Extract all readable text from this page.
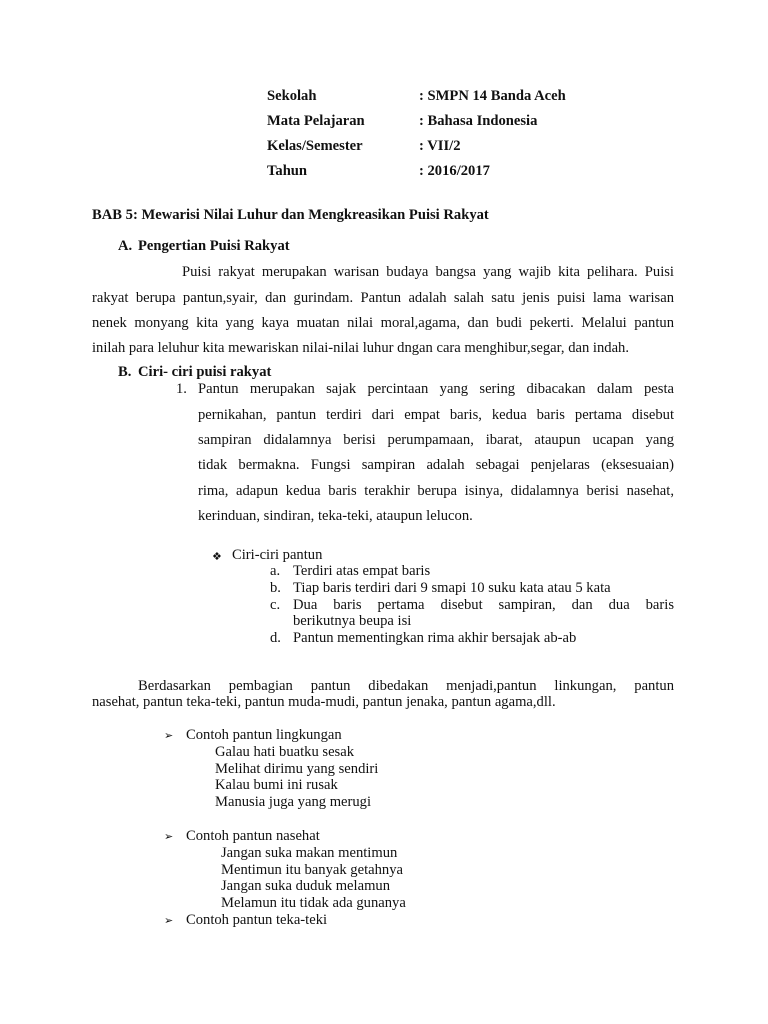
Sekolah	: SMPN 14 Banda Aceh
Mata Pelajaran	: Bahasa Indonesia
Kelas/Semester	: VII/2
Tahun	: 2016/2017
BAB 5: Mewarisi Nilai Luhur dan Mengkreasikan Puisi Rakyat
A. Pengertian Puisi Rakyat
Puisi rakyat merupakan warisan budaya bangsa yang wajib kita pelihara. Puisi
rakyat berupa pantun,syair, dan gurindam. Pantun adalah salah satu jenis puisi lama warisan
nenek monyang kita yang kaya muatan nilai moral,agama, dan budi pekerti. Melalui pantun
inilah para leluhur kita mewariskan nilai-nilai luhur dngan cara menghibur,segar, dan indah.
B. Ciri- ciri puisi rakyat
1. Pantun merupakan sajak percintaan yang sering dibacakan dalam pesta
pernikahan, pantun terdiri dari empat baris, kedua baris pertama disebut
sampiran didalamnya berisi perumpamaan, ibarat, ataupun ucapan yang
tidak bermakna. Fungsi sampiran adalah sebagai penjelaras (eksesuaian)
rima, adapun kedua baris terakhir berupa isinya, didalamnya berisi nasehat,
kerinduan, sindiran, teka-teki, ataupun lelucon.
❖ Ciri-ciri pantun
a. Terdiri atas empat baris
b. Tiap baris terdiri dari 9 smapi 10 suku kata atau 5 kata
c. Dua baris pertama disebut sampiran, dan dua baris
berikutnya beupa isi
d. Pantun mementingkan rima akhir bersajak ab-ab
Berdasarkan pembagian pantun dibedakan menjadi,pantun linkungan, pantun
nasehat, pantun teka-teki, pantun muda-mudi, pantun jenaka, pantun agama,dll.
➢ Contoh pantun lingkungan
Galau hati buatku sesak
Melihat dirimu yang sendiri
Kalau bumi ini rusak
Manusia juga yang merugi
➢ Contoh pantun nasehat
Jangan suka makan mentimun
Mentimun itu banyak getahnya
Jangan suka duduk melamun
Melamun itu tidak ada gunanya
➢ Contoh pantun teka-teki
